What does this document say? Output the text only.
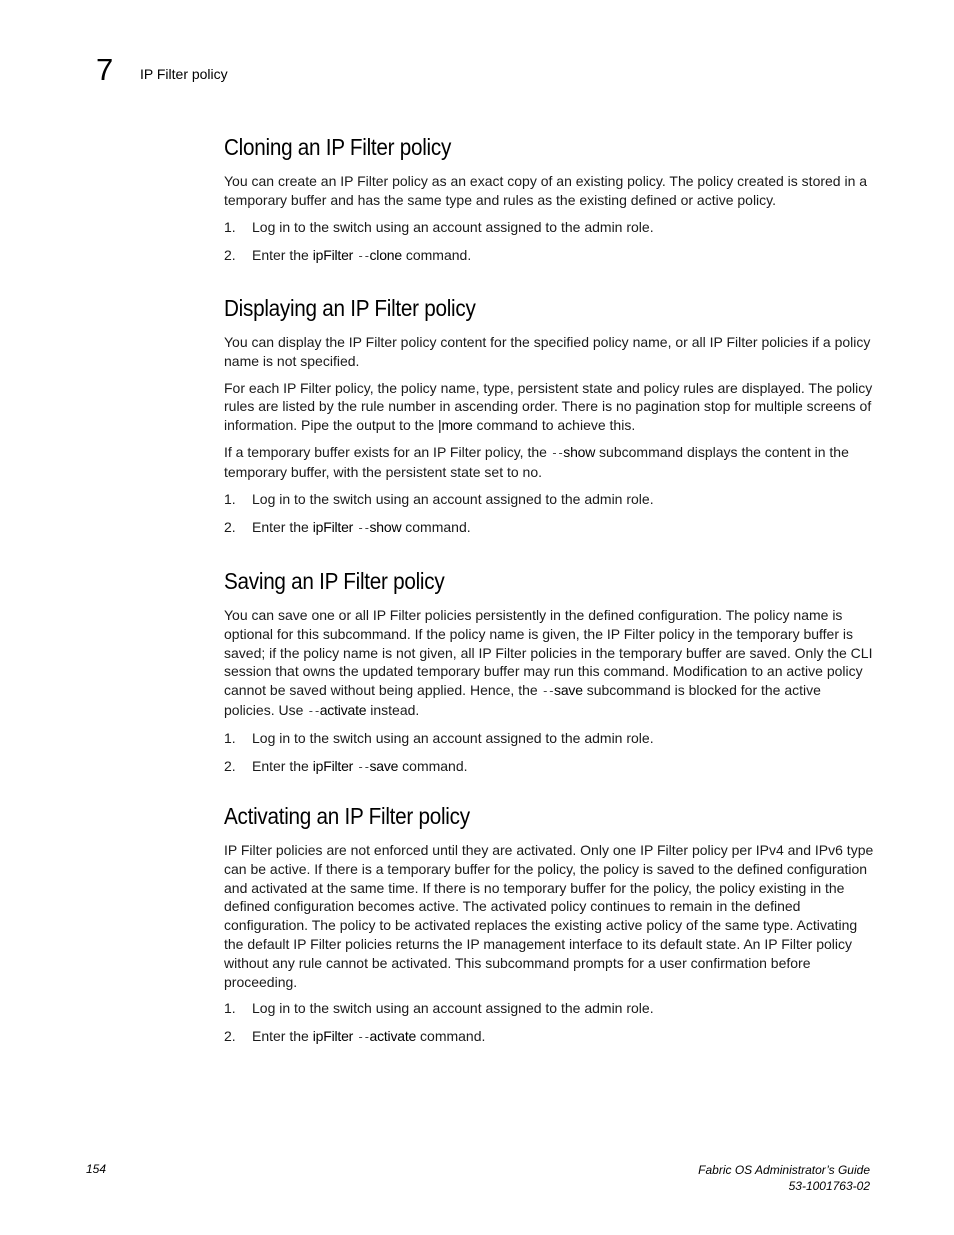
7 IP Filter policy
Cloning an IP Filter policy

You can create an IP Filter policy as an exact copy of an existing policy. The policy created is stored in a temporary buffer and has the same type and rules as the existing defined or active policy.

1. Log in to the switch using an account assigned to the admin role.
2. Enter the ipFilter --clone command.
Displaying an IP Filter policy

You can display the IP Filter policy content for the specified policy name, or all IP Filter policies if a policy name is not specified.

For each IP Filter policy, the policy name, type, persistent state and policy rules are displayed. The policy rules are listed by the rule number in ascending order. There is no pagination stop for multiple screens of information. Pipe the output to the |more command to achieve this.

If a temporary buffer exists for an IP Filter policy, the --show subcommand displays the content in the temporary buffer, with the persistent state set to no.

1. Log in to the switch using an account assigned to the admin role.
2. Enter the ipFilter --show command.
Saving an IP Filter policy

You can save one or all IP Filter policies persistently in the defined configuration. The policy name is optional for this subcommand. If the policy name is given, the IP Filter policy in the temporary buffer is saved; if the policy name is not given, all IP Filter policies in the temporary buffer are saved. Only the CLI session that owns the updated temporary buffer may run this command. Modification to an active policy cannot be saved without being applied. Hence, the --save subcommand is blocked for the active policies. Use --activate instead.

1. Log in to the switch using an account assigned to the admin role.
2. Enter the ipFilter --save command.
Activating an IP Filter policy

IP Filter policies are not enforced until they are activated. Only one IP Filter policy per IPv4 and IPv6 type can be active. If there is a temporary buffer for the policy, the policy is saved to the defined configuration and activated at the same time. If there is no temporary buffer for the policy, the policy existing in the defined configuration becomes active. The activated policy continues to remain in the defined configuration. The policy to be activated replaces the existing active policy of the same type. Activating the default IP Filter policies returns the IP management interface to its default state. An IP Filter policy without any rule cannot be activated. This subcommand prompts for a user confirmation before proceeding.

1. Log in to the switch using an account assigned to the admin role.
2. Enter the ipFilter --activate command.
154	Fabric OS Administrator’s Guide
53-1001763-02
